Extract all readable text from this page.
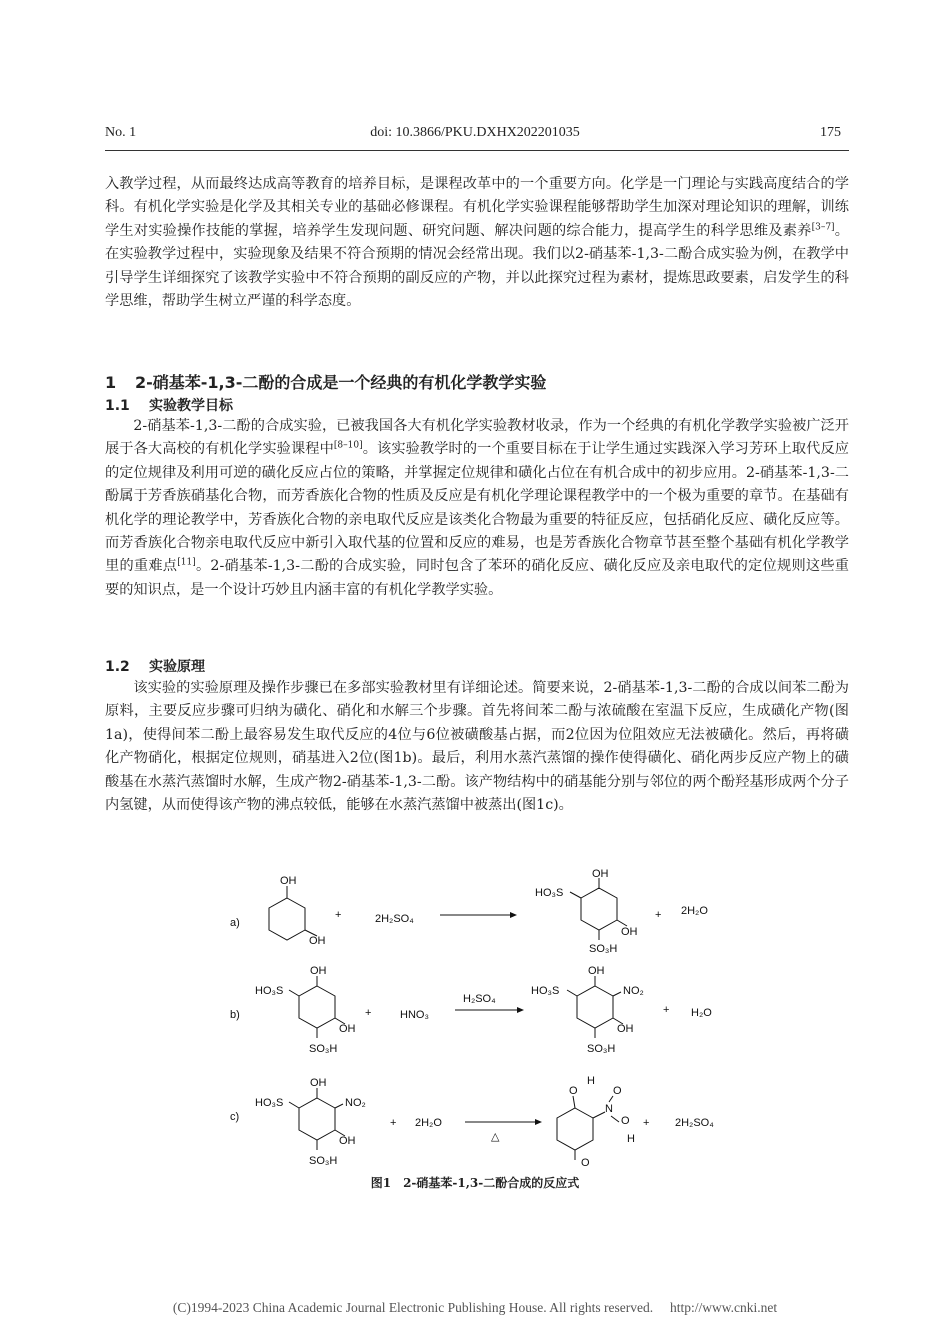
No. 1	doi: 10.3866/PKU.DXHX202201035	175

入教学过程，从而最终达成高等教育的培养目标，是课程改革中的一个重要方向。化学是一门理论与实践高度结合的学科。有机化学实验是化学及其相关专业的基础必修课程。有机化学实验课程能够帮助学生加深对理论知识的理解，训练学生对实验操作技能的掌握，培养学生发现问题、研究问题、解决问题的综合能力，提高学生的科学思维及素养[3–7]。在实验教学过程中，实验现象及结果不符合预期的情况会经常出现。我们以2-硝基苯-1,3-二酚合成实验为例，在教学中引导学生详细探究了该教学实验中不符合预期的副反应的产物，并以此探究过程为素材，提炼思政要素，启发学生的科学思维，帮助学生树立严谨的科学态度。

1 2-硝基苯-1,3-二酚的合成是一个经典的有机化学教学实验
1.1 实验教学目标

2-硝基苯-1,3-二酚的合成实验，已被我国各大有机化学实验教材收录，作为一个经典的有机化学教学实验被广泛开展于各大高校的有机化学实验课程中[8–10]。该实验教学时的一个重要目标在于让学生通过实践深入学习芳环上取代反应的定位规律及利用可逆的磺化反应占位的策略，并掌握定位规律和磺化占位在有机合成中的初步应用。2-硝基苯-1,3-二酚属于芳香族硝基化合物，而芳香族化合物的性质及反应是有机化学理论课程教学中的一个极为重要的章节。在基础有机化学的理论教学中，芳香族化合物的亲电取代反应是该类化合物最为重要的特征反应，包括硝化反应、磺化反应等。而芳香族化合物亲电取代反应中新引入取代基的位置和反应的难易，也是芳香族化合物章节甚至整个基础有机化学教学里的重难点[11]。2-硝基苯-1,3-二酚的合成实验，同时包含了苯环的硝化反应、磺化反应及亲电取代的定位规则这些重要的知识点，是一个设计巧妙且内涵丰富的有机化学教学实验。

1.2 实验原理

该实验的实验原理及操作步骤已在多部实验教材里有详细论述。简要来说，2-硝基苯-1,3-二酚的合成以间苯二酚为原料，主要反应步骤可归纳为磺化、硝化和水解三个步骤。首先将间苯二酚与浓硫酸在室温下反应，生成磺化产物(图1a)，使得间苯二酚上最容易发生取代反应的4位与6位被磺酸基占据，而2位因为位阻效应无法被磺化。然后，再将磺化产物硝化，根据定位规则，硝基进入2位(图1b)。最后，利用水蒸汽蒸馏的操作使得磺化、硝化两步反应产物上的磺酸基在水蒸汽蒸馏时水解，生成产物2-硝基苯-1,3-二酚。该产物结构中的硝基能分别与邻位的两个酚羟基形成两个分子内氢键，从而使得该产物的沸点较低，能够在水蒸汽蒸馏中被蒸出(图1c)。

a)
OH
OH
+	2H₂SO₄
OH
HO₃S
OH
SO₃H
+ 2H₂O
b)
OH
HO₃S
OH
SO₃H
+	HNO₃
H₂SO₄
OH
HO₃S	NO₂
OH
SO₃H
+ H₂O
c)
OH
HO₃S	NO₂
OH
SO₃H
+ 2H₂O
△
O
H
N
O
O
H
O
+ 2H₂SO₄
图1　2-硝基苯-1,3-二酚合成的反应式
(C)1994-2023 China Academic Journal Electronic Publishing House. All rights reserved.　 http://www.cnki.net
